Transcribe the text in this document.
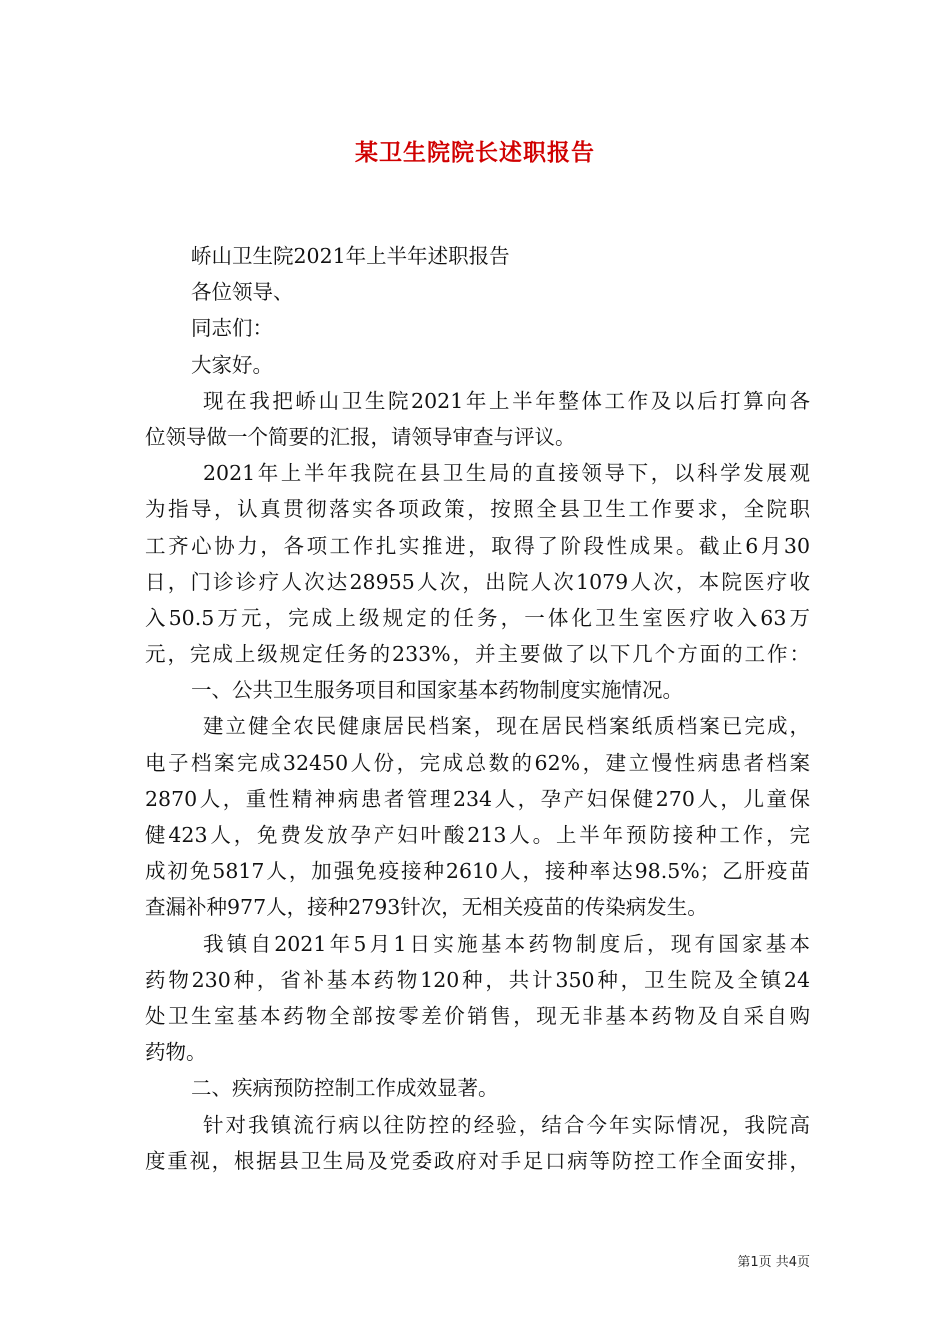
某卫生院院长述职报告
峤山卫生院2021年上半年述职报告
各位领导、
同志们：
大家好。
现在我把峤山卫生院2021年上半年整体工作及以后打算向各
位领导做一个简要的汇报，请领导审查与评议。
2021年上半年我院在县卫生局的直接领导下，以科学发展观
为指导，认真贯彻落实各项政策，按照全县卫生工作要求，全院职
工齐心协力，各项工作扎实推进，取得了阶段性成果。截止6月30
日，门诊诊疗人次达28955人次，出院人次1079人次，本院医疗收
入50.5万元，完成上级规定的任务，一体化卫生室医疗收入63万
元，完成上级规定任务的233%，并主要做了以下几个方面的工作：
一、公共卫生服务项目和国家基本药物制度实施情况。
建立健全农民健康居民档案，现在居民档案纸质档案已完成，
电子档案完成32450人份，完成总数的62%，建立慢性病患者档案
2870人，重性精神病患者管理234人，孕产妇保健270人，儿童保
健423人，免费发放孕产妇叶酸213人。上半年预防接种工作，完
成初免5817人，加强免疫接种2610人，接种率达98.5%；乙肝疫苗
查漏补种977人，接种2793针次，无相关疫苗的传染病发生。
我镇自2021年5月1日实施基本药物制度后，现有国家基本
药物230种，省补基本药物120种，共计350种，卫生院及全镇24
处卫生室基本药物全部按零差价销售，现无非基本药物及自采自购
药物。
二、疾病预防控制工作成效显著。
针对我镇流行病以往防控的经验，结合今年实际情况，我院高
度重视，根据县卫生局及党委政府对手足口病等防控工作全面安排，
第1页 共4页
